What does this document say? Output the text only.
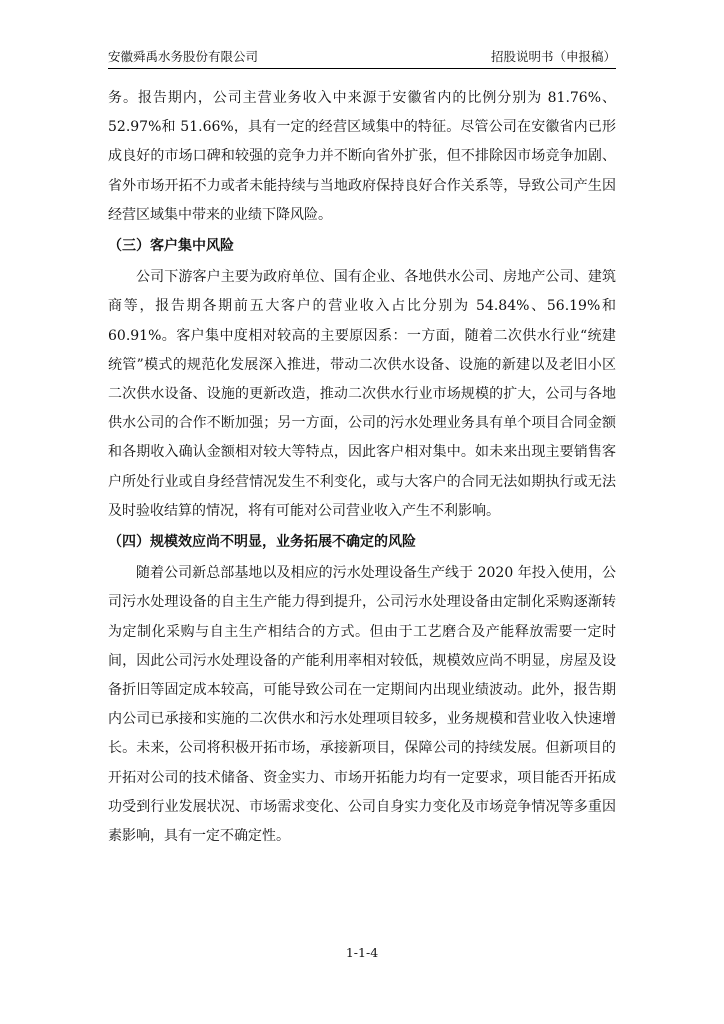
安徽舜禹水务股份有限公司	招股说明书（申报稿）

务。报告期内，公司主营业务收入中来源于安徽省内的比例分别为 81.76%、52.97%和 51.66%，具有一定的经营区域集中的特征。尽管公司在安徽省内已形成良好的市场口碑和较强的竞争力并不断向省外扩张，但不排除因市场竞争加剧、省外市场开拓不力或者未能持续与当地政府保持良好合作关系等，导致公司产生因经营区域集中带来的业绩下降风险。

（三）客户集中风险

公司下游客户主要为政府单位、国有企业、各地供水公司、房地产公司、建筑商等，报告期各期前五大客户的营业收入占比分别为 54.84%、56.19%和 60.91%。客户集中度相对较高的主要原因系：一方面，随着二次供水行业“统建统管”模式的规范化发展深入推进，带动二次供水设备、设施的新建以及老旧小区二次供水设备、设施的更新改造，推动二次供水行业市场规模的扩大，公司与各地供水公司的合作不断加强；另一方面，公司的污水处理业务具有单个项目合同金额和各期收入确认金额相对较大等特点，因此客户相对集中。如未来出现主要销售客户所处行业或自身经营情况发生不利变化，或与大客户的合同无法如期执行或无法及时验收结算的情况，将有可能对公司营业收入产生不利影响。

（四）规模效应尚不明显，业务拓展不确定的风险

随着公司新总部基地以及相应的污水处理设备生产线于 2020 年投入使用，公司污水处理设备的自主生产能力得到提升，公司污水处理设备由定制化采购逐渐转为定制化采购与自主生产相结合的方式。但由于工艺磨合及产能释放需要一定时间，因此公司污水处理设备的产能利用率相对较低，规模效应尚不明显，房屋及设备折旧等固定成本较高，可能导致公司在一定期间内出现业绩波动。此外，报告期内公司已承接和实施的二次供水和污水处理项目较多，业务规模和营业收入快速增长。未来，公司将积极开拓市场，承接新项目，保障公司的持续发展。但新项目的开拓对公司的技术储备、资金实力、市场开拓能力均有一定要求，项目能否开拓成功受到行业发展状况、市场需求变化、公司自身实力变化及市场竞争情况等多重因素影响，具有一定不确定性。

1-1-4
